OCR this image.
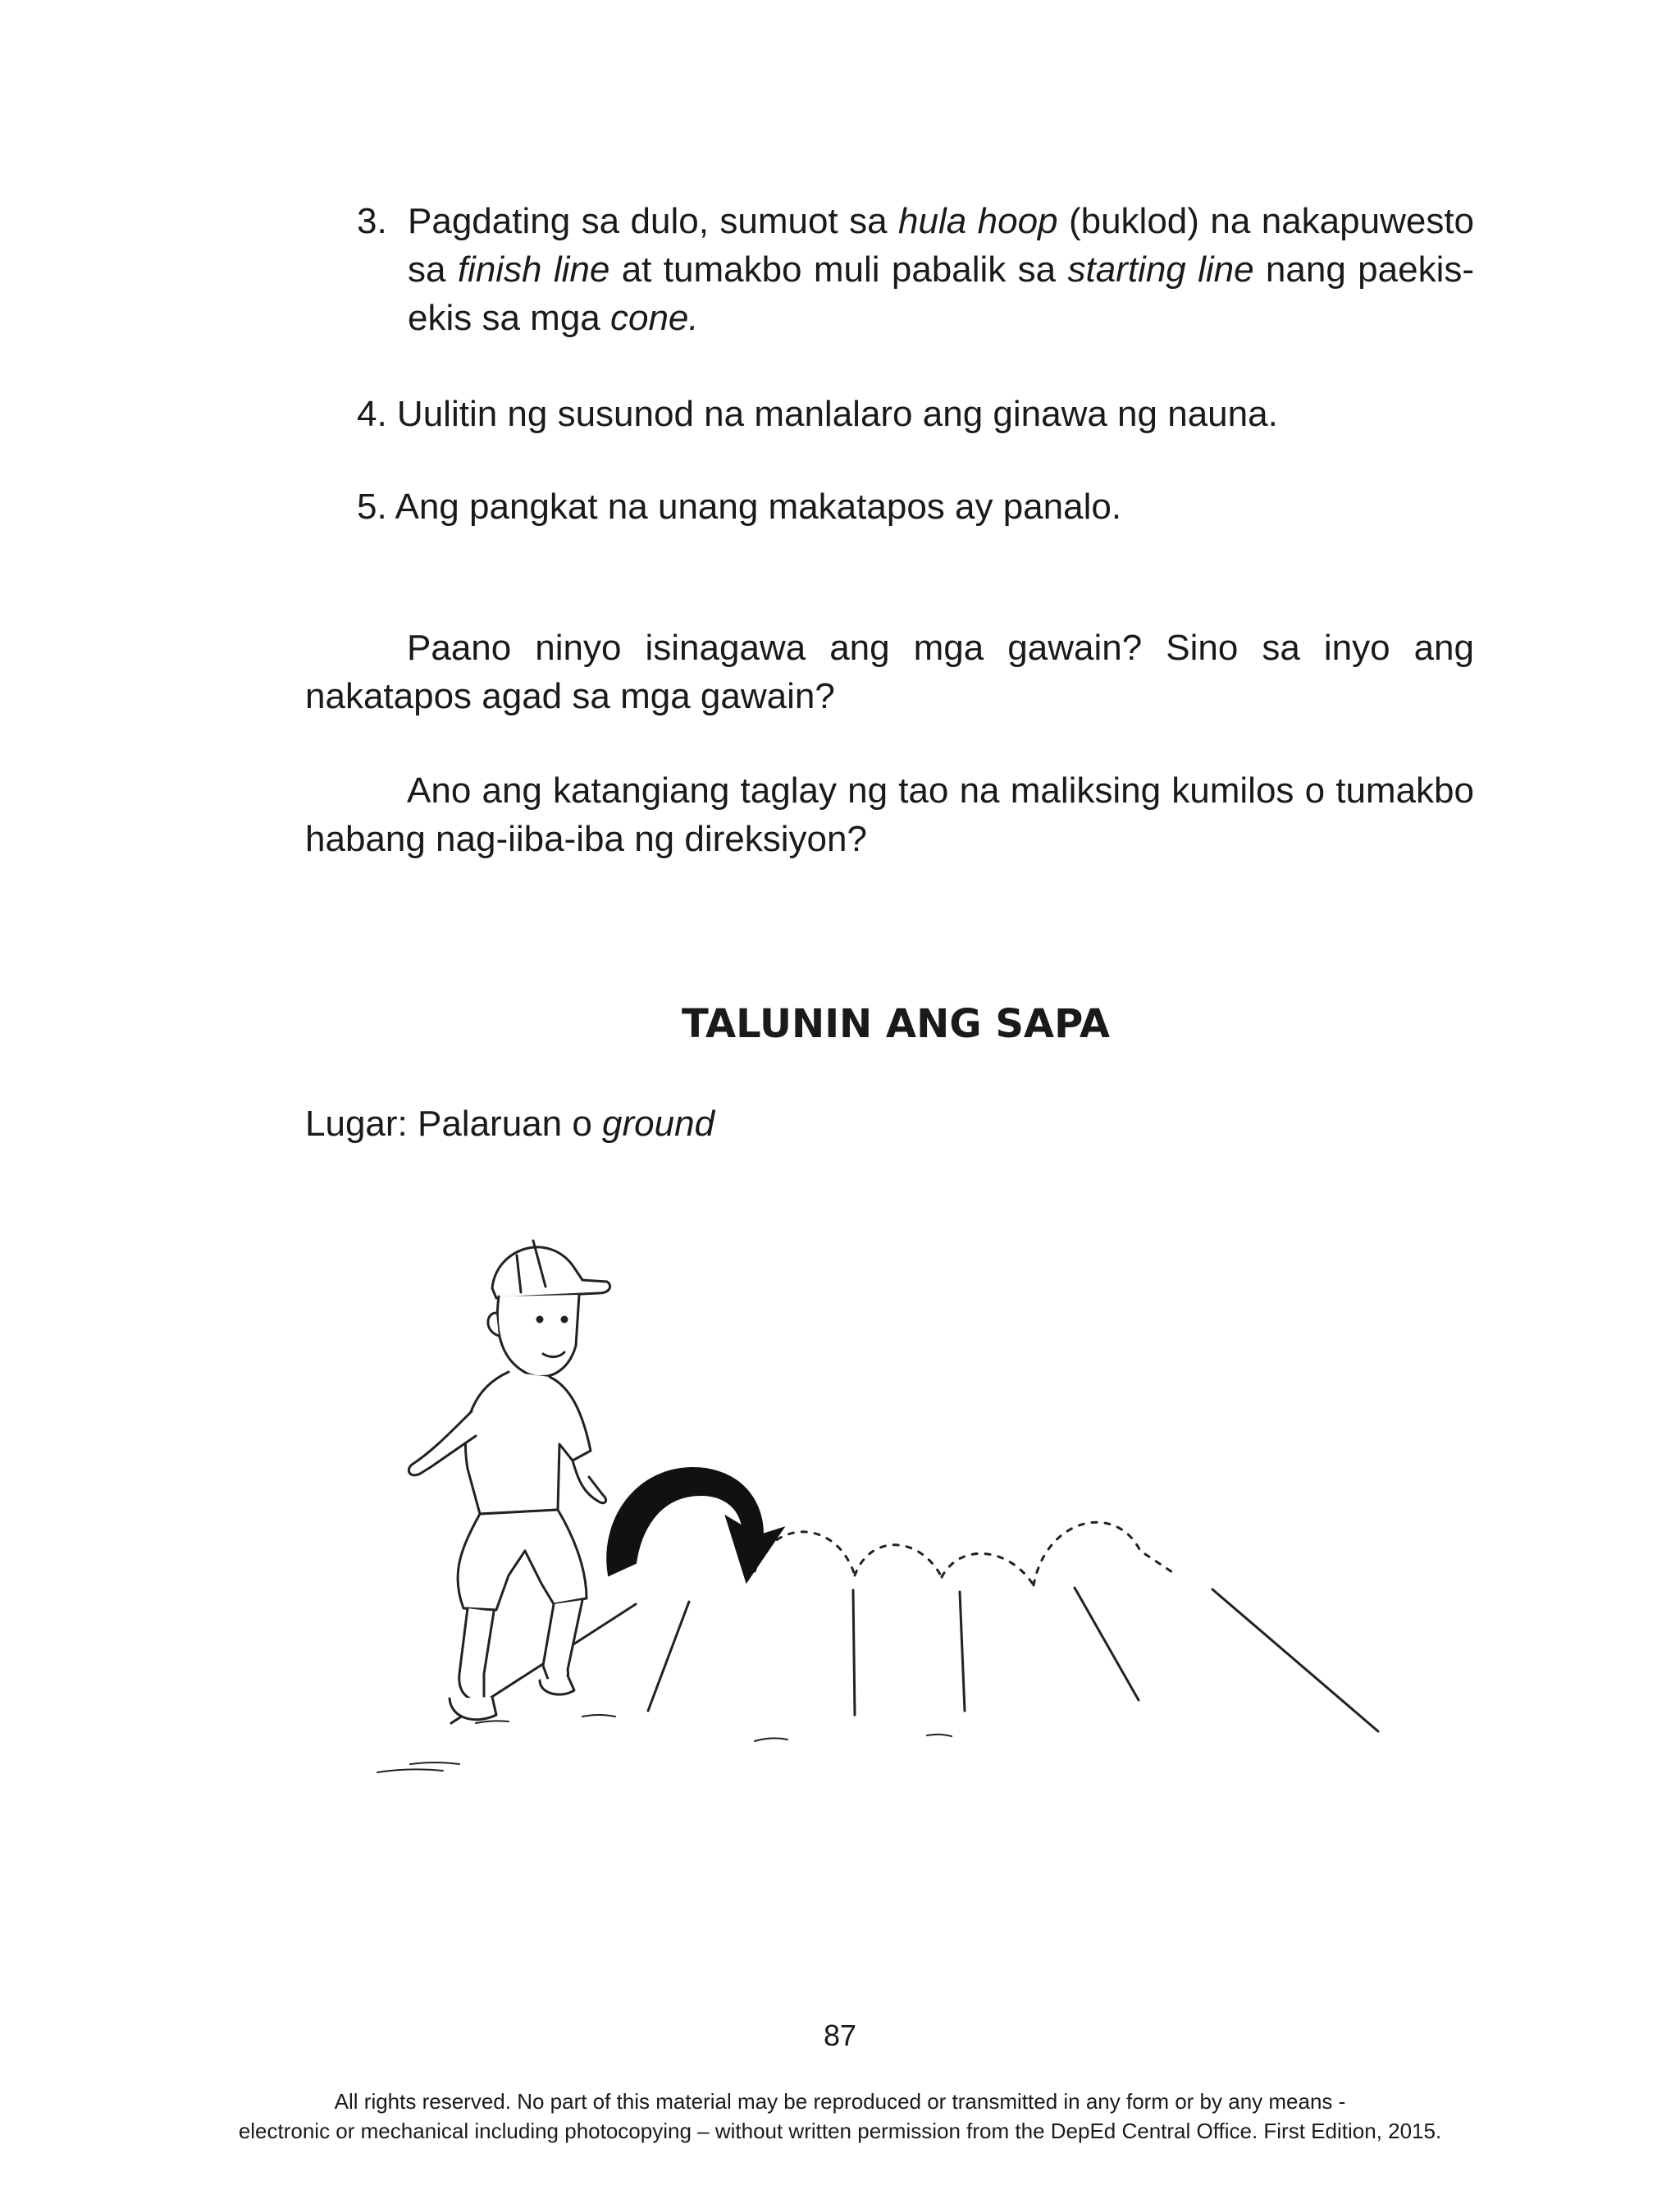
3. Pagdating sa dulo, sumuot sa hula hoop (buklod) na nakapuwesto sa finish line at tumakbo muli pabalik sa starting line nang paekis-ekis sa mga cone.
4. Uulitin ng susunod na manlalaro ang ginawa ng nauna.
5. Ang pangkat na unang makatapos ay panalo.
Paano ninyo isinagawa ang mga gawain? Sino sa inyo ang nakatapos agad sa mga gawain?
Ano ang katangiang taglay ng tao na maliksing kumilos o tumakbo habang nag-iiba-iba ng direksiyon?
TALUNIN ANG SAPA
Lugar: Palaruan o ground
87
All rights reserved. No part of this material may be reproduced or transmitted in any form or by any means -
electronic or mechanical including photocopying – without written permission from the DepEd Central Office. First Edition, 2015.
